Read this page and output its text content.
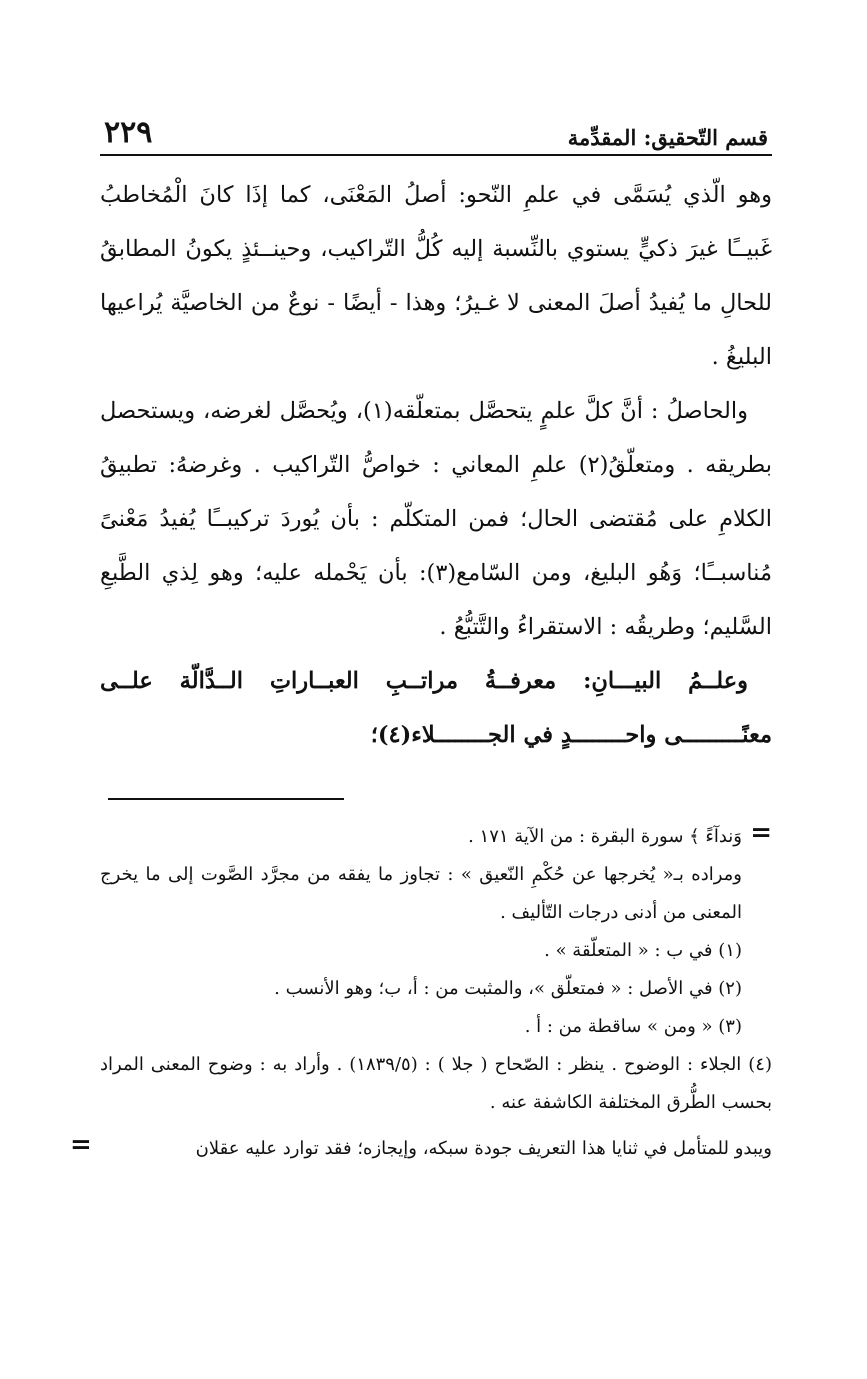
قسم التّحقيق: المقدِّمة
٢٢٩

وهو الّذي يُسَمَّى في علمِ النّحو: أصلُ المَعْنَى، كما إذَا كانَ الْمُخاطبُ غَبيــًا غيرَ ذكيٍّ يستوي بالنِّسبة إليه كُلُّ التّراكيب، وحينــئذٍ يكونُ المطابقُ للحالِ ما يُفيدُ أصلَ المعنى لا غـيرُ؛ وهذا - أيضًا - نوعٌ من الخاصيَّة يُراعيها البليغُ .

والحاصلُ : أنَّ كلَّ علمٍ يتحصَّل بمتعلّقه(١)، ويُحصَّل لغرضه، ويستحصل بطريقه . ومتعلّقُ(٢) علمِ المعاني : خواصُّ التّراكيب . وغرضهُ: تطبيقُ الكلامِ على مُقتضى الحال؛ فمن المتكلّم : بأن يُوردَ تركيبــًا يُفيدُ مَعْنىً مُناسبــًا؛ وَهُو البليغ، ومن السّامع(٣): بأن يَحْمله عليه؛ وهو لِذي الطَّبعِ السَّليم؛ وطريقُه : الاستقراءُ والتَّتبُّعُ .

وعلــمُ البيـــانِ: معرفــةُ مراتــبِ العبــاراتِ الــدَّالّة علــى معنًـــــــــى واحــــــــدٍ في الجــــــــلاء(٤)؛

= وَندآءً ﴾ سورة البقرة : من الآية ١٧١ .

ومراده بـ« يُخرجها عن حُكْمِ النّعيق » : تجاوز ما يفقه من مجرَّد الصَّوت إلى ما يخرج المعنى من أدنى درجات التّأليف .

(١) في ب : « المتعلّقة » .

(٢) في الأصل : « فمتعلّق »، والمثبت من : أ، ب؛ وهو الأنسب .

(٣) « ومن » ساقطة من : أ .

(٤) الجلاء : الوضوح . ينظر : الصّحاح ( جلا ) : (١٨٣٩/٥) . وأراد به : وضوح المعنى المراد بحسب الطُّرق المختلفة الكاشفة عنه .

ويبدو للمتأمل في ثنايا هذا التعريف جودة سبكه، وإيجازه؛ فقد توارد عليه عقلان =
